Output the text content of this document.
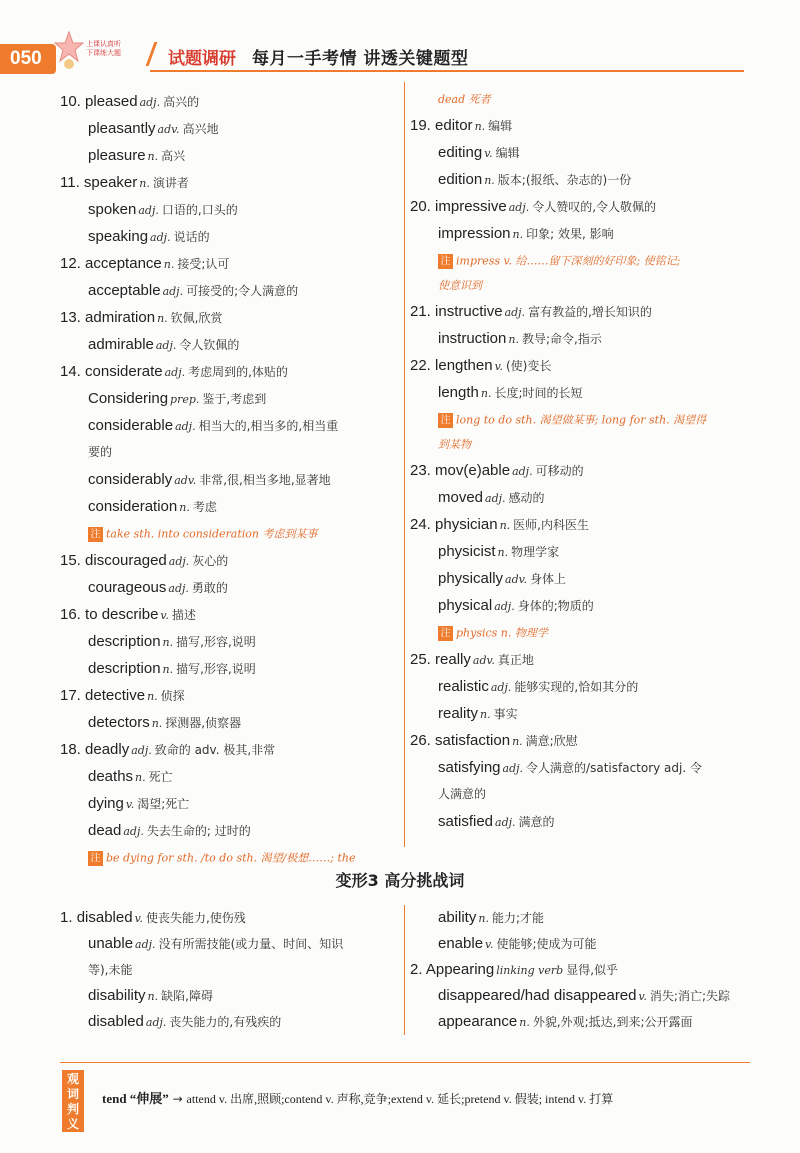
050
上课认真听
下课练大题	试题调研 每月一手考情 讲透关键题型
10. pleased adj. 高兴的
pleasantly adv. 高兴地
pleasure n. 高兴
11. speaker n. 演讲者
spoken adj. 口语的,口头的
speaking adj. 说话的
12. acceptance n. 接受;认可
acceptable adj. 可接受的;令人满意的
13. admiration n. 钦佩,欣赏
admirable adj. 令人钦佩的
14. considerate adj. 考虑周到的,体贴的
Considering prep. 鉴于,考虑到
considerable adj. 相当大的,相当多的,相当重
要的
considerably adv. 非常,很,相当多地,显著地
consideration n. 考虑
注 take sth. into consideration 考虑到某事
15. discouraged adj. 灰心的
courageous adj. 勇敢的
16. to describe v. 描述
description n. 描写,形容,说明
description n. 描写,形容,说明
17. detective n. 侦探
detectors n. 探测器,侦察器
18. deadly adj. 致命的 adv. 极其,非常
deaths n. 死亡
dying v. 渴望;死亡
dead adj. 失去生命的; 过时的
注 be dying for sth. /to do sth. 渴望/极想……; the
dead 死者
19. editor n. 编辑
editing v. 编辑
edition n. 版本;(报纸、杂志的)一份
20. impressive adj. 令人赞叹的,令人敬佩的
impression n. 印象; 效果, 影响
注 impress v. 给……留下深刻的好印象; 使铭记;
使意识到
21. instructive adj. 富有教益的,增长知识的
instruction n. 教导;命令,指示
22. lengthen v. (使)变长
length n. 长度;时间的长短
注 long to do sth. 渴望做某事; long for sth. 渴望得
到某物
23. mov(e)able adj. 可移动的
moved adj. 感动的
24. physician n. 医师,内科医生
physicist n. 物理学家
physically adv. 身体上
physical adj. 身体的;物质的
注 physics n. 物理学
25. really adv. 真正地
realistic adj. 能够实现的,恰如其分的
reality n. 事实
26. satisfaction n. 满意;欣慰
satisfying adj. 令人满意的/satisfactory adj. 令
人满意的
satisfied adj. 满意的
变形3 高分挑战词
1. disabled v. 使丧失能力,使伤残
unable adj. 没有所需技能(或力量、时间、知识
等),未能
disability n. 缺陷,障碍
disabled adj. 丧失能力的,有残疾的
ability n. 能力;才能
enable v. 使能够;使成为可能
2. Appearing linking verb 显得,似乎
disappeared/had disappeared v. 消失;消亡;失踪
appearance n. 外貌,外观;抵达,到来;公开露面
观词判义
tend “伸展” → attend v. 出席,照顾;contend v. 声称,竞争;extend v. 延长;pretend v. 假装; intend v. 打算
